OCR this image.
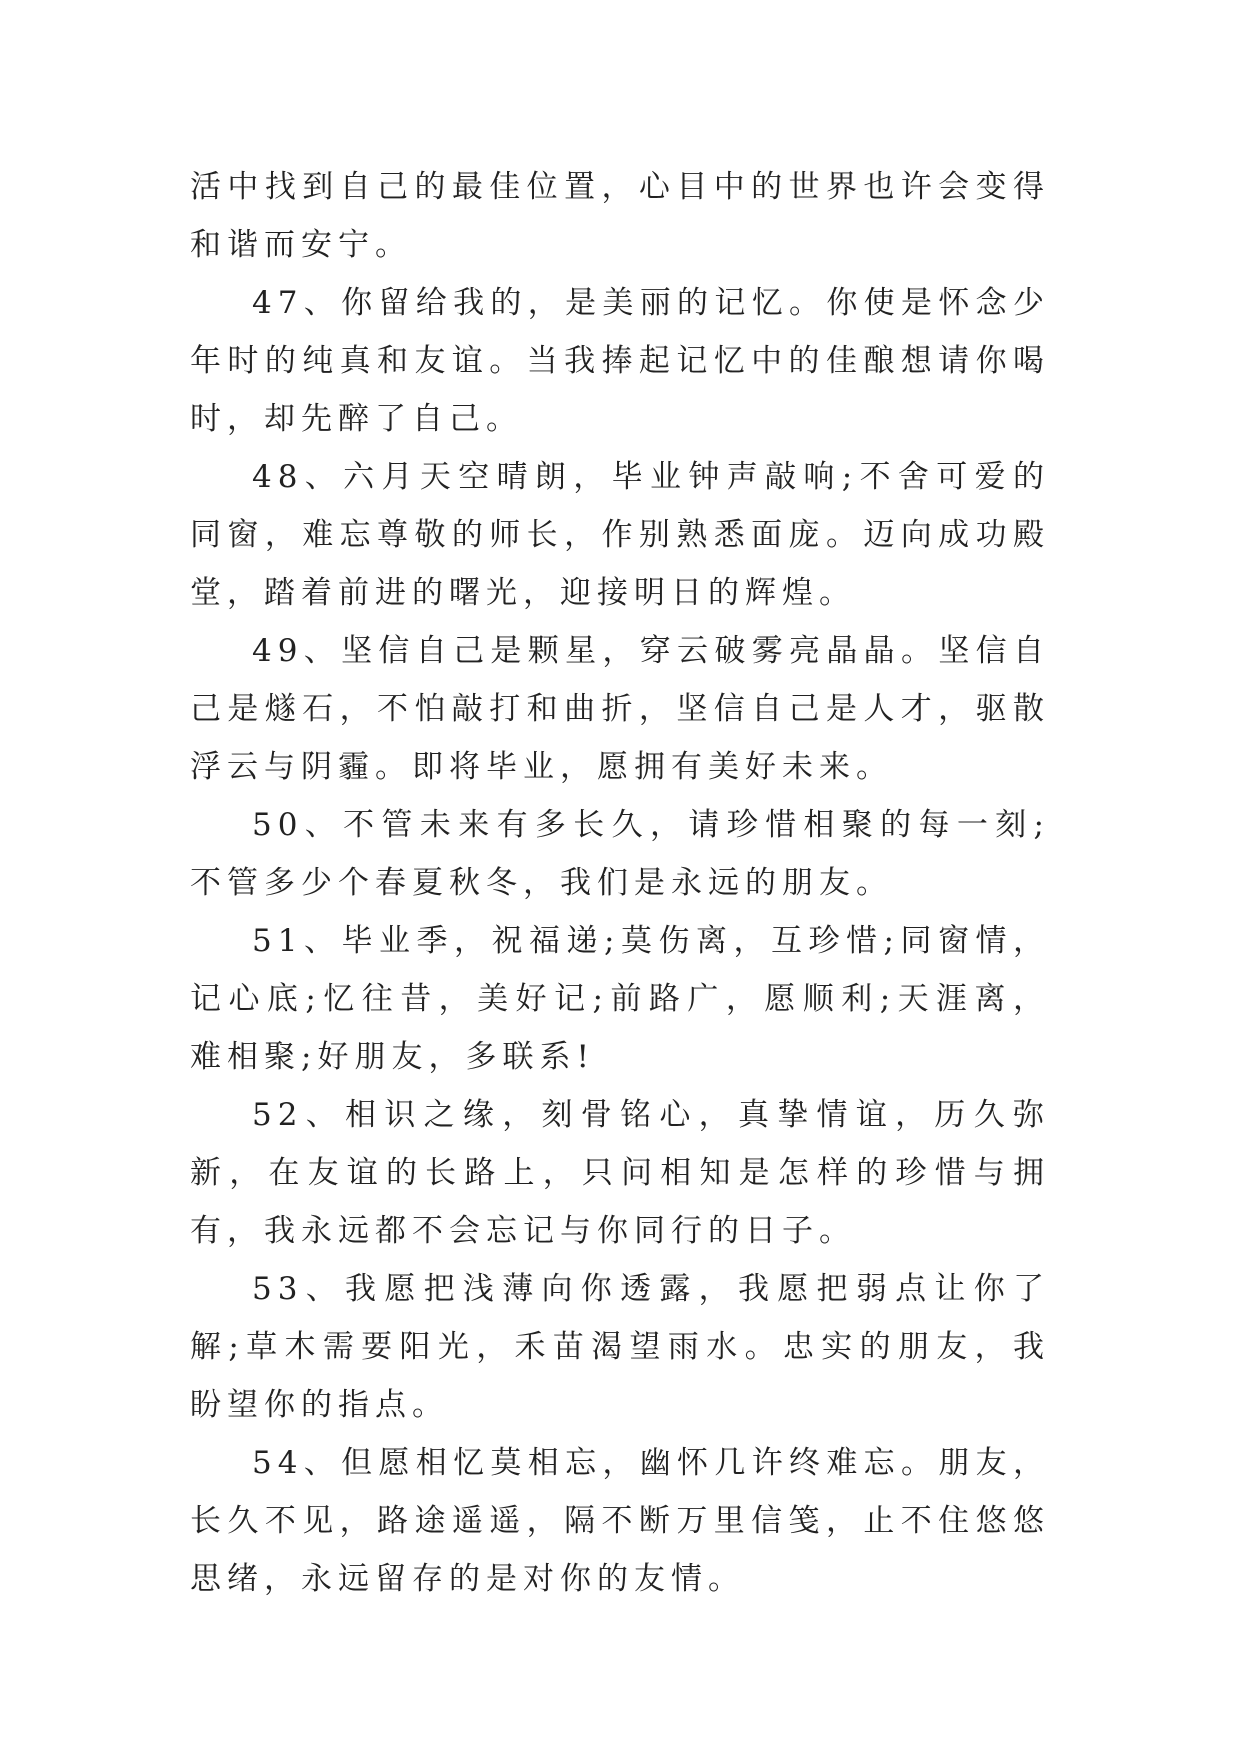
活中找到自己的最佳位置，心目中的世界也许会变得和谐而安宁。

47、你留给我的，是美丽的记忆。你使是怀念少年时的纯真和友谊。当我捧起记忆中的佳酿想请你喝时，却先醉了自己。

48、六月天空晴朗，毕业钟声敲响;不舍可爱的同窗，难忘尊敬的师长，作别熟悉面庞。迈向成功殿堂，踏着前进的曙光，迎接明日的辉煌。

49、坚信自己是颗星，穿云破雾亮晶晶。坚信自己是燧石，不怕敲打和曲折，坚信自己是人才，驱散浮云与阴霾。即将毕业，愿拥有美好未来。

50、不管未来有多长久，请珍惜相聚的每一刻;不管多少个春夏秋冬，我们是永远的朋友。

51、毕业季，祝福递;莫伤离，互珍惜;同窗情，记心底;忆往昔，美好记;前路广，愿顺利;天涯离，难相聚;好朋友，多联系!

52、相识之缘，刻骨铭心，真挚情谊，历久弥新，在友谊的长路上，只问相知是怎样的珍惜与拥有，我永远都不会忘记与你同行的日子。

53、我愿把浅薄向你透露，我愿把弱点让你了解;草木需要阳光，禾苗渴望雨水。忠实的朋友，我盼望你的指点。

54、但愿相忆莫相忘，幽怀几许终难忘。朋友，长久不见，路途遥遥，隔不断万里信笺，止不住悠悠思绪，永远留存的是对你的友情。
